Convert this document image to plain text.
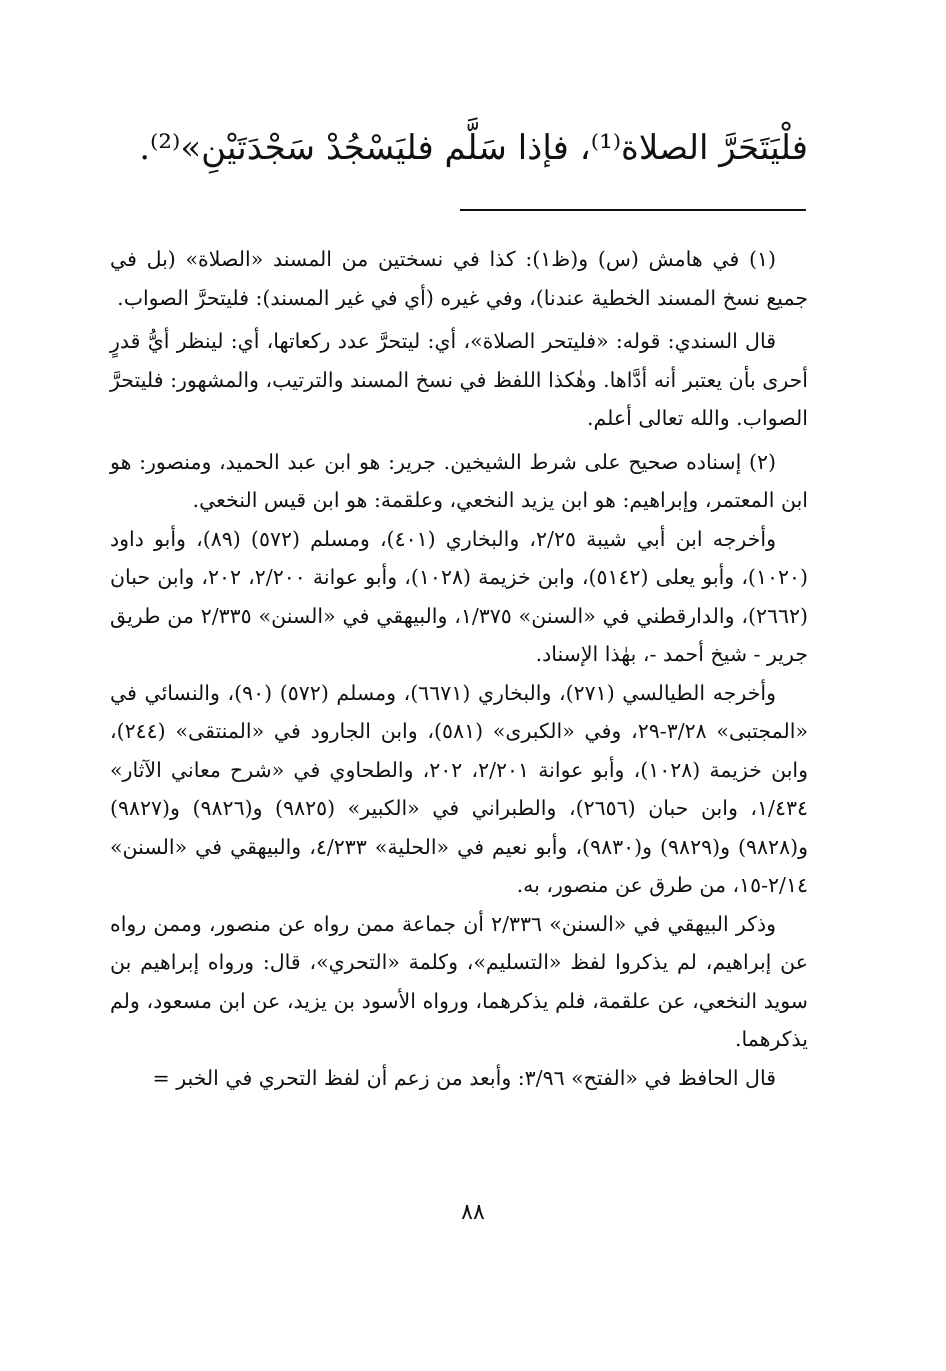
فلْيَتَحَرَّ الصلاة⁽¹⁾، فإذا سَلَّم فليَسْجُدْ سَجْدَتَيْنِ»⁽²⁾.

(١) في هامش (س) و(ظ١): كذا في نسختين من المسند «الصلاة» (بل في جميع نسخ المسند الخطية عندنا)، وفي غيره (أي في غير المسند): فليتحرَّ الصواب.

قال السندي: قوله: «فليتحر الصلاة»، أي: ليتحرَّ عدد ركعاتها، أي: لينظر أيُّ قدرٍ أحرى بأن يعتبر أنه أدَّاها. وهٰكذا اللفظ في نسخ المسند والترتيب، والمشهور: فليتحرَّ الصواب. والله تعالى أعلم.

(٢) إسناده صحيح على شرط الشيخين. جرير: هو ابن عبد الحميد، ومنصور: هو ابن المعتمر، وإبراهيم: هو ابن يزيد النخعي، وعلقمة: هو ابن قيس النخعي.

وأخرجه ابن أبي شيبة ٢/٢٥، والبخاري (٤٠١)، ومسلم (٥٧٢) (٨٩)، وأبو داود (١٠٢٠)، وأبو يعلى (٥١٤٢)، وابن خزيمة (١٠٢٨)، وأبو عوانة ٢/٢٠٠، ٢٠٢، وابن حبان (٢٦٦٢)، والدارقطني في «السنن» ١/٣٧٥، والبيهقي في «السنن» ٢/٣٣٥ من طريق جرير - شيخ أحمد -، بهٰذا الإسناد.

وأخرجه الطيالسي (٢٧١)، والبخاري (٦٦٧١)، ومسلم (٥٧٢) (٩٠)، والنسائي في «المجتبى» ٣/٢٨-٢٩، وفي «الكبرى» (٥٨١)، وابن الجارود في «المنتقى» (٢٤٤)، وابن خزيمة (١٠٢٨)، وأبو عوانة ٢/٢٠١، ٢٠٢، والطحاوي في «شرح معاني الآثار» ١/٤٣٤، وابن حبان (٢٦٥٦)، والطبراني في «الكبير» (٩٨٢٥) و(٩٨٢٦) و(٩٨٢٧) و(٩٨٢٨) و(٩٨٢٩) و(٩٨٣٠)، وأبو نعيم في «الحلية» ٤/٢٣٣، والبيهقي في «السنن» ٢/١٤-١٥، من طرق عن منصور، به.

وذكر البيهقي في «السنن» ٢/٣٣٦ أن جماعة ممن رواه عن منصور، وممن رواه عن إبراهيم، لم يذكروا لفظ «التسليم»، وكلمة «التحري»، قال: ورواه إبراهيم بن سويد النخعي، عن علقمة، فلم يذكرهما، ورواه الأسود بن يزيد، عن ابن مسعود، ولم يذكرهما.

قال الحافظ في «الفتح» ٣/٩٦: وأبعد من زعم أن لفظ التحري في الخبر =

٨٨
